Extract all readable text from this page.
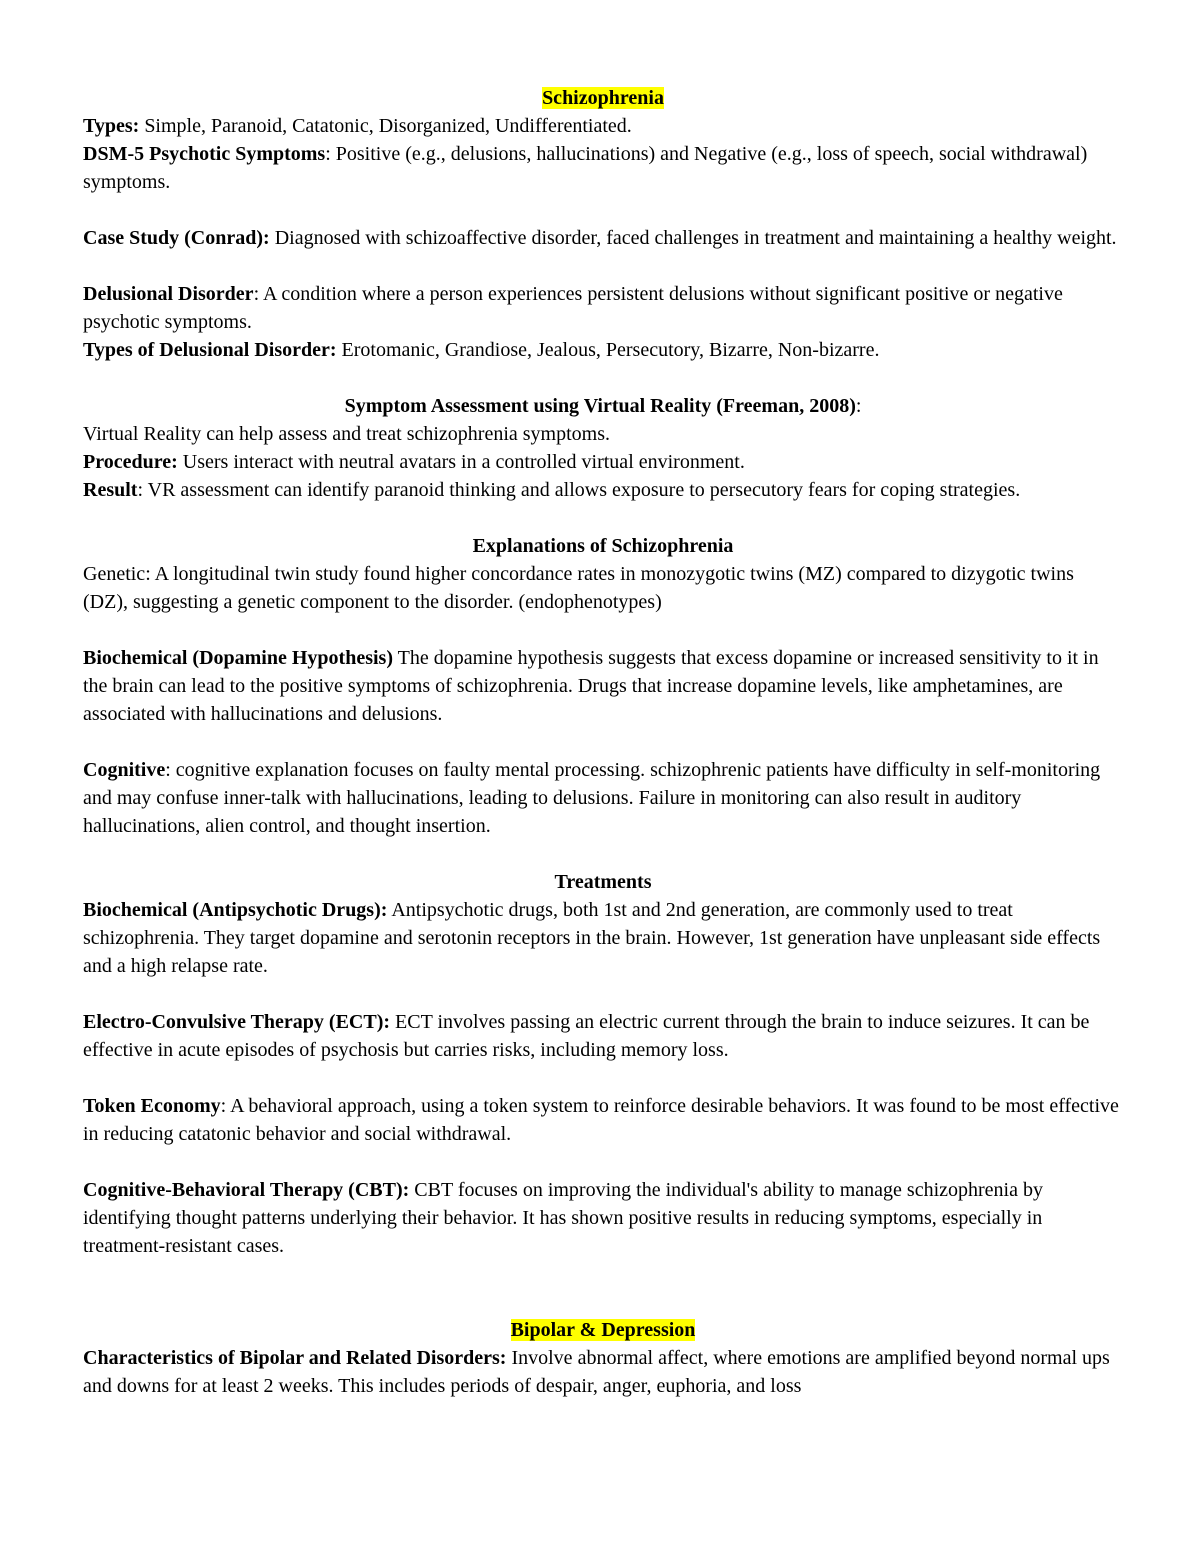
Schizophrenia

Types: Simple, Paranoid, Catatonic, Disorganized, Undifferentiated.

DSM-5 Psychotic Symptoms: Positive (e.g., delusions, hallucinations) and Negative (e.g., loss of speech, social withdrawal) symptoms.

Case Study (Conrad): Diagnosed with schizoaffective disorder, faced challenges in treatment and maintaining a healthy weight.

Delusional Disorder: A condition where a person experiences persistent delusions without significant positive or negative psychotic symptoms.

Types of Delusional Disorder: Erotomanic, Grandiose, Jealous, Persecutory, Bizarre, Non-bizarre.

Symptom Assessment using Virtual Reality (Freeman, 2008):

Virtual Reality can help assess and treat schizophrenia symptoms.

Procedure: Users interact with neutral avatars in a controlled virtual environment.

Result: VR assessment can identify paranoid thinking and allows exposure to persecutory fears for coping strategies.

Explanations of Schizophrenia

Genetic: A longitudinal twin study found higher concordance rates in monozygotic twins (MZ) compared to dizygotic twins (DZ), suggesting a genetic component to the disorder. (endophenotypes)

Biochemical (Dopamine Hypothesis) The dopamine hypothesis suggests that excess dopamine or increased sensitivity to it in the brain can lead to the positive symptoms of schizophrenia. Drugs that increase dopamine levels, like amphetamines, are associated with hallucinations and delusions.

Cognitive: cognitive explanation focuses on faulty mental processing. schizophrenic patients have difficulty in self-monitoring and may confuse inner-talk with hallucinations, leading to delusions. Failure in monitoring can also result in auditory hallucinations, alien control, and thought insertion.

Treatments

Biochemical (Antipsychotic Drugs): Antipsychotic drugs, both 1st and 2nd generation, are commonly used to treat schizophrenia. They target dopamine and serotonin receptors in the brain. However, 1st generation have unpleasant side effects and a high relapse rate.

Electro-Convulsive Therapy (ECT): ECT involves passing an electric current through the brain to induce seizures. It can be effective in acute episodes of psychosis but carries risks, including memory loss.

Token Economy: A behavioral approach, using a token system to reinforce desirable behaviors. It was found to be most effective in reducing catatonic behavior and social withdrawal.

Cognitive-Behavioral Therapy (CBT): CBT focuses on improving the individual's ability to manage schizophrenia by identifying thought patterns underlying their behavior. It has shown positive results in reducing symptoms, especially in treatment-resistant cases.

Bipolar & Depression

Characteristics of Bipolar and Related Disorders: Involve abnormal affect, where emotions are amplified beyond normal ups and downs for at least 2 weeks. This includes periods of despair, anger, euphoria, and loss
